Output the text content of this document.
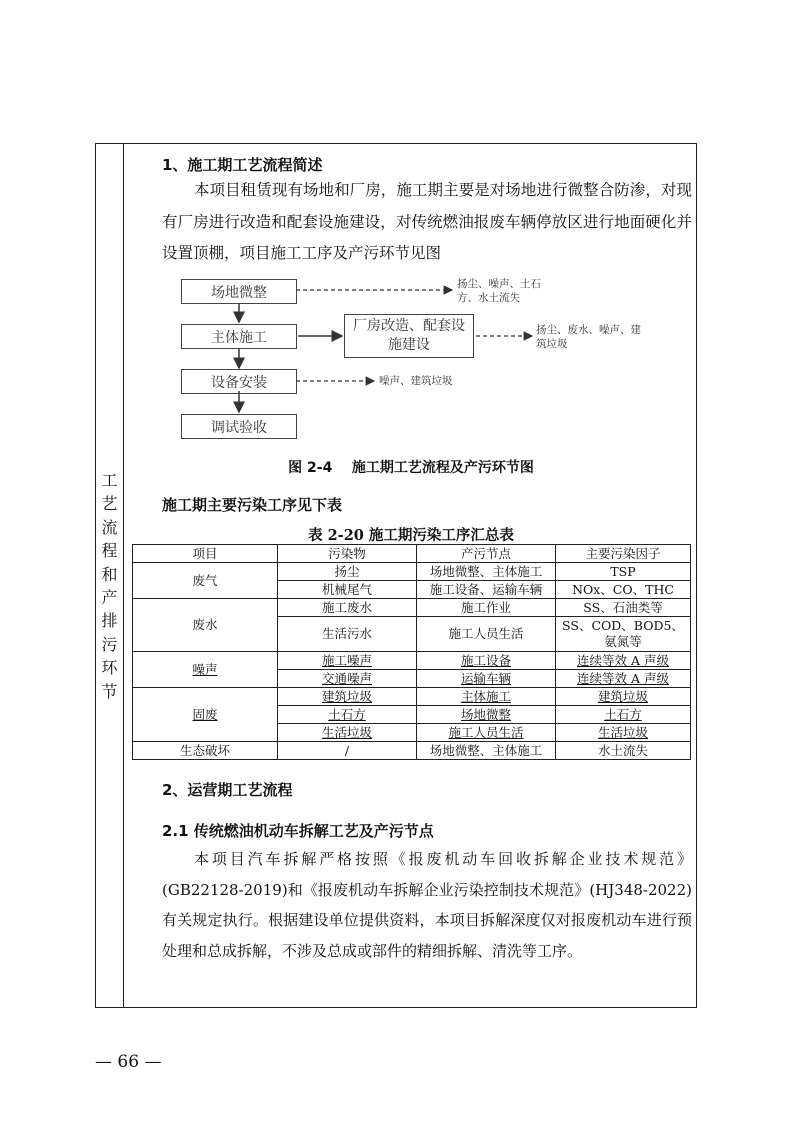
工
艺
流
程
和
产
排
污
环
节
1、施工期工艺流程简述
本项目租赁现有场地和厂房，施工期主要是对场地进行微整合防渗，对现有厂房进行改造和配套设施建设，对传统燃油报废车辆停放区进行地面硬化并设置顶棚，项目施工工序及产污环节见图
场地微整
主体施工
设备安装
调试验收
厂房改造、配套设施建设
扬尘、噪声、土石方、水土流失
扬尘、废水、噪声、建筑垃圾
噪声、建筑垃圾
图 2-4    施工期工艺流程及产污环节图
施工期主要污染工序见下表
表 2-20 施工期污染工序汇总表
项目	污染物	产污节点	主要污染因子
废气	扬尘	场地微整、主体施工	TSP
	机械尾气	施工设备、运输车辆	NOx、CO、THC
废水	施工废水	施工作业	SS、石油类等
	生活污水	施工人员生活	SS、COD、BOD5、氨氮等
噪声	施工噪声	施工设备	连续等效 A 声级
	交通噪声	运输车辆	连续等效 A 声级
固废	建筑垃圾	主体施工	建筑垃圾
	土石方	场地微整	土石方
	生活垃圾	施工人员生活	生活垃圾
生态破坏	/	场地微整、主体施工	水土流失
2、运营期工艺流程
2.1 传统燃油机动车拆解工艺及产污节点
本项目汽车拆解严格按照《报废机动车回收拆解企业技术规范》(GB22128-2019)和《报废机动车拆解企业污染控制技术规范》(HJ348-2022)有关规定执行。根据建设单位提供资料，本项目拆解深度仅对报废机动车进行预处理和总成拆解，不涉及总成或部件的精细拆解、清洗等工序。
— 66 —
